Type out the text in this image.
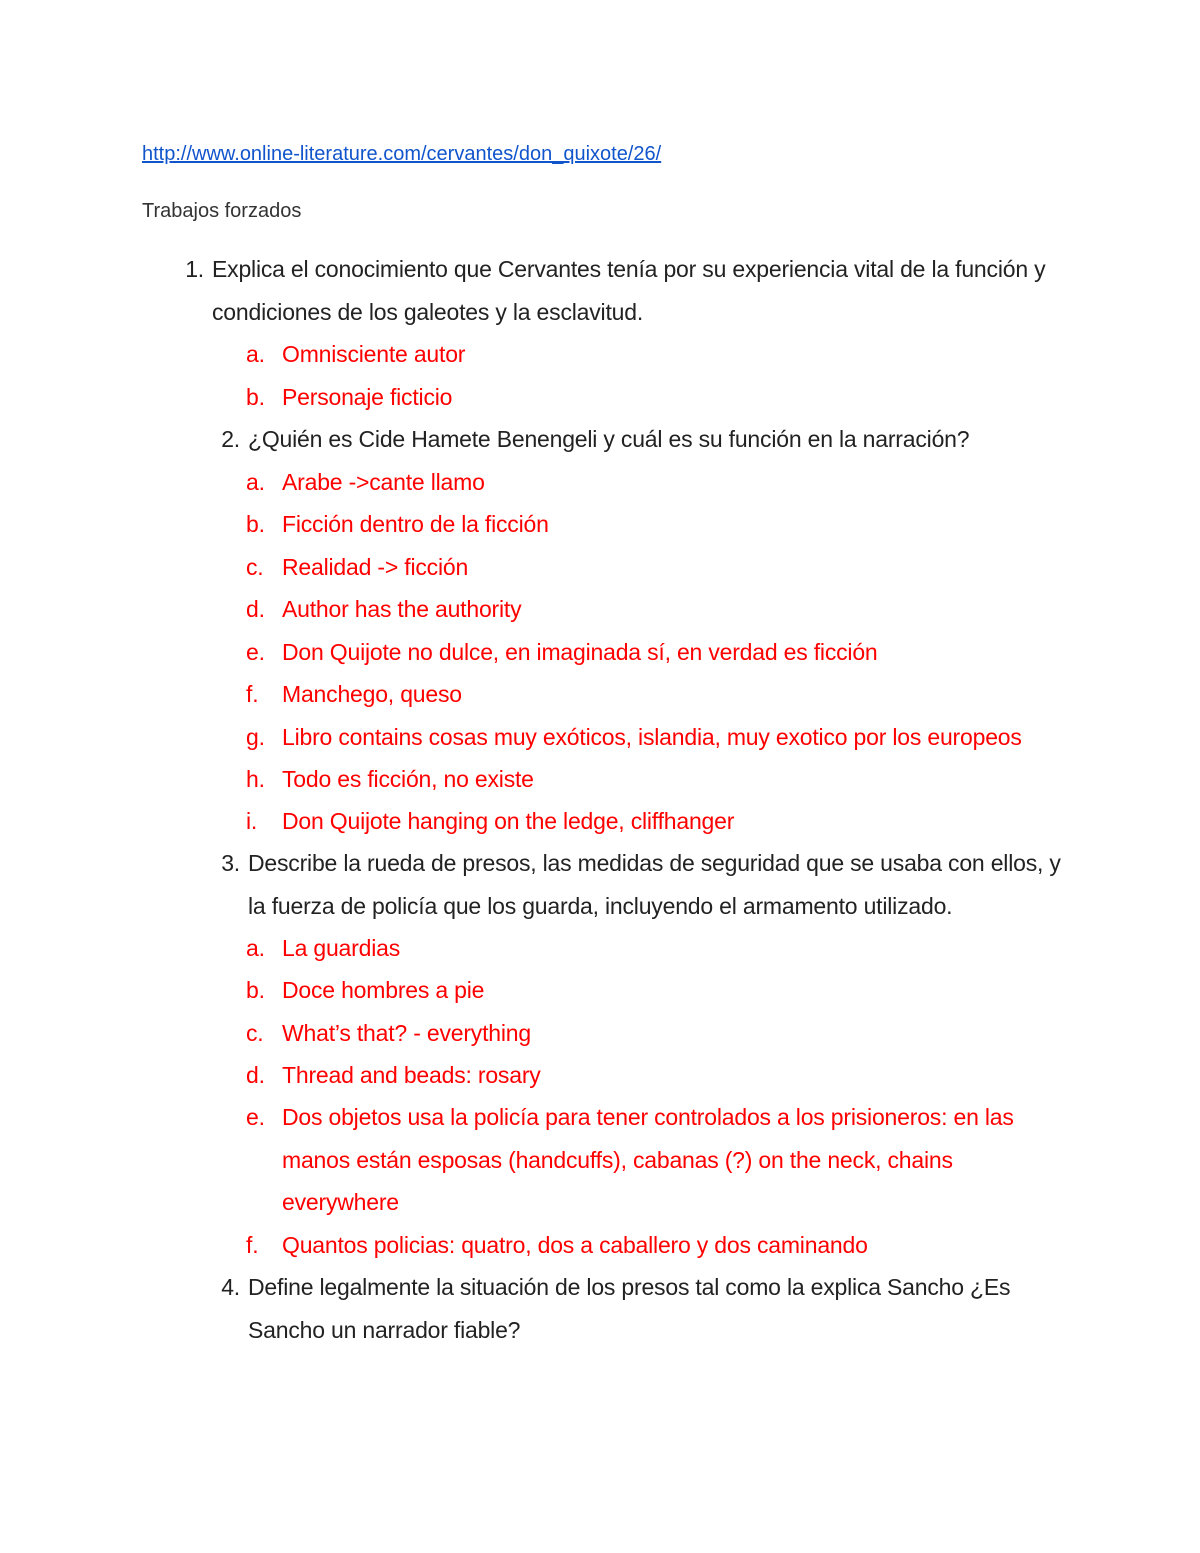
http://www.online-literature.com/cervantes/don_quixote/26/
Trabajos forzados
1. Explica el conocimiento que Cervantes tenía por su experiencia vital de la función y condiciones de los galeotes y la esclavitud.
a. Omnisciente autor
b. Personaje ficticio
2. ¿Quién es Cide Hamete Benengeli y cuál es su función en la narración?
a. Arabe ->cante llamo
b. Ficción dentro de la ficción
c. Realidad -> ficción
d. Author has the authority
e. Don Quijote no dulce, en imaginada sí, en verdad es ficción
f.	Manchego, queso
g. Libro contains cosas muy exóticos, islandia, muy exotico por los europeos
h. Todo es ficción, no existe
i.	Don Quijote hanging on the ledge, cliffhanger
3. Describe la rueda de presos, las medidas de seguridad que se usaba con ellos, y la fuerza de policía que los guarda, incluyendo el armamento utilizado.
a. La guardias
b. Doce hombres a pie
c. What’s that? - everything
d. Thread and beads: rosary
e. Dos objetos usa la policía para tener controlados a los prisioneros: en las manos están esposas (handcuffs), cabanas (?) on the neck, chains everywhere
f.	Quantos policias: quatro, dos a caballero y dos caminando
4. Define legalmente la situación de los presos tal como la explica Sancho ¿Es Sancho un narrador fiable?
